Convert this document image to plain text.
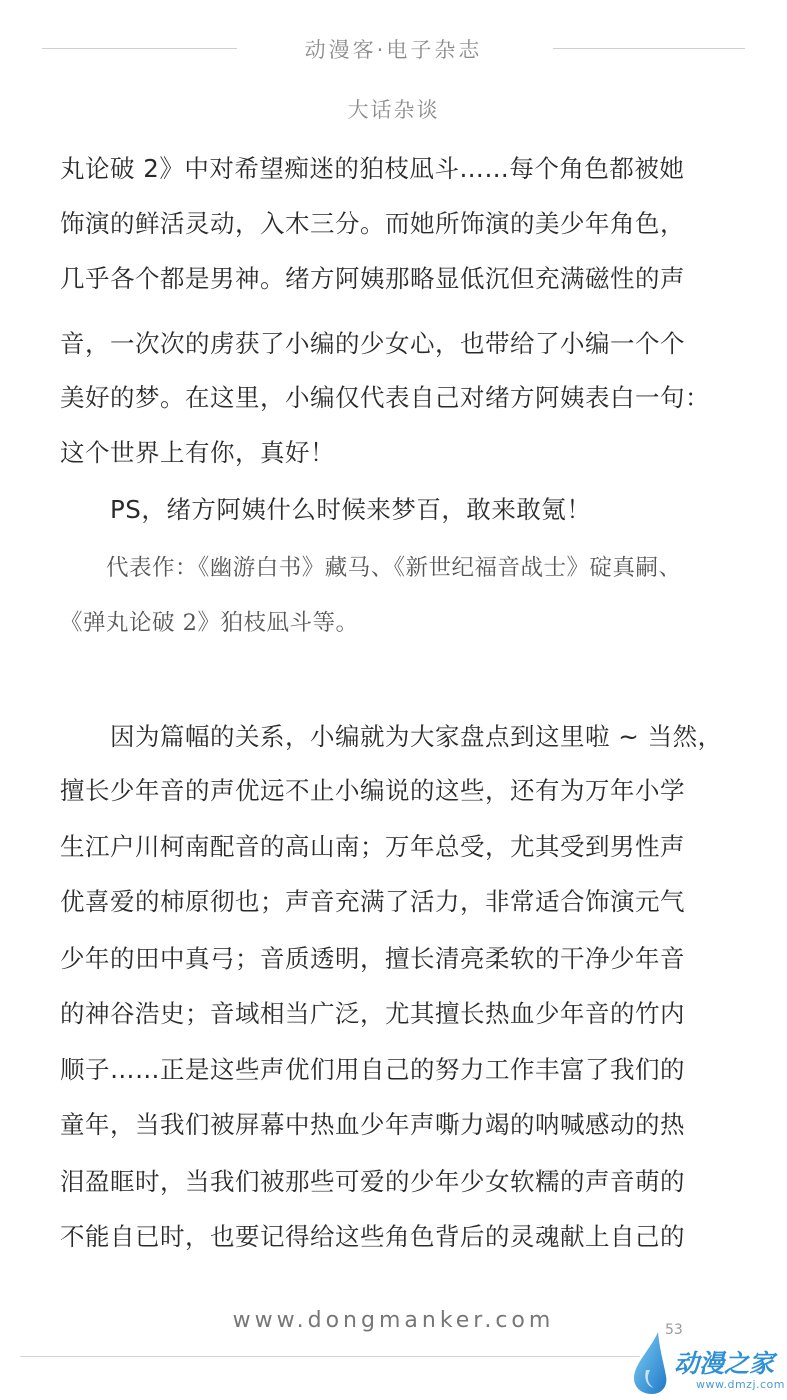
动漫客·电子杂志
大话杂谈
丸论破 2》中对希望痴迷的狛枝凪斗……每个角色都被她
饰演的鲜活灵动，入木三分。而她所饰演的美少年角色，
几乎各个都是男神。绪方阿姨那略显低沉但充满磁性的声
音，一次次的虏获了小编的少女心，也带给了小编一个个
美好的梦。在这里，小编仅代表自己对绪方阿姨表白一句：
这个世界上有你，真好！
　　PS，绪方阿姨什么时候来梦百，敢来敢氪！
　　代表作：《幽游白书》藏马、《新世纪福音战士》碇真嗣、
《弹丸论破 2》狛枝凪斗等。
　　因为篇幅的关系，小编就为大家盘点到这里啦 ~ 当然，
擅长少年音的声优远不止小编说的这些，还有为万年小学
生江户川柯南配音的高山南；万年总受，尤其受到男性声
优喜爱的柿原彻也；声音充满了活力，非常适合饰演元气
少年的田中真弓；音质透明，擅长清亮柔软的干净少年音
的神谷浩史；音域相当广泛，尤其擅长热血少年音的竹内
顺子……正是这些声优们用自己的努力工作丰富了我们的
童年，当我们被屏幕中热血少年声嘶力竭的呐喊感动的热
泪盈眶时，当我们被那些可爱的少年少女软糯的声音萌的
不能自已时，也要记得给这些角色背后的灵魂献上自己的
www.dongmanker.com	53
动漫之家
www.dmzj.com
